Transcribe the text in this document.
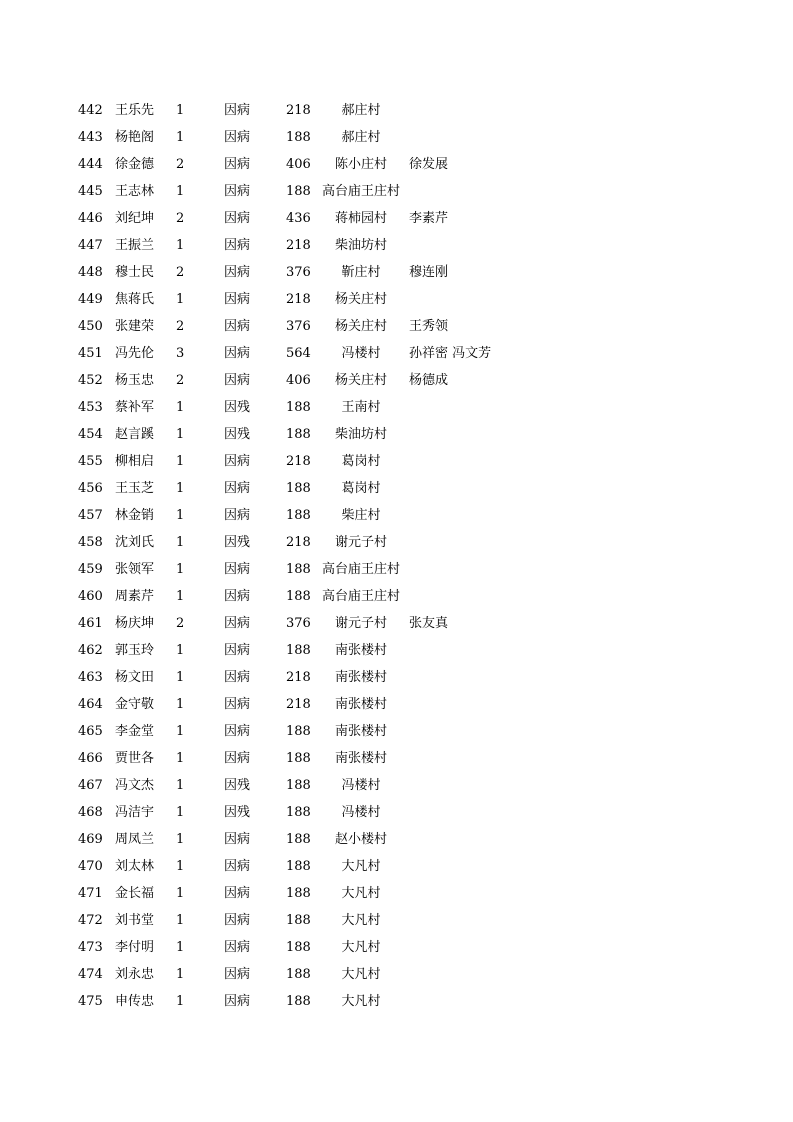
442 王乐先	1	因病	218	郝庄村
443 杨艳阁	1	因病	188	郝庄村
444 徐金德	2	因病	406	陈小庄村	徐发展
445 王志林	1	因病	188 高台庙王庄村
446 刘纪坤	2	因病	436	蒋柿园村	李素芹
447 王振兰	1	因病	218	柴油坊村
448 穆士民	2	因病	376	靳庄村	穆连刚
449 焦蒋氏	1	因病	218	杨关庄村
450 张建荣	2	因病	376	杨关庄村	王秀领
451 冯先伦	3	因病	564	冯楼村	孙祥密 冯文芳
452 杨玉忠	2	因病	406	杨关庄村	杨德成
453 蔡补军	1	因残	188	王南村
454 赵言蹊	1	因残	188	柴油坊村
455 柳相启	1	因病	218	葛岗村
456 王玉芝	1	因病	188	葛岗村
457 林金销	1	因病	188	柴庄村
458 沈刘氏	1	因残	218	谢元子村
459 张领军	1	因病	188 高台庙王庄村
460 周素芹	1	因病	188 高台庙王庄村
461 杨庆坤	2	因病	376	谢元子村	张友真
462 郭玉玲	1	因病	188	南张楼村
463 杨文田	1	因病	218	南张楼村
464 金守敬	1	因病	218	南张楼村
465 李金堂	1	因病	188	南张楼村
466 贾世各	1	因病	188	南张楼村
467 冯文杰	1	因残	188	冯楼村
468 冯洁宇	1	因残	188	冯楼村
469 周凤兰	1	因病	188	赵小楼村
470 刘太林	1	因病	188	大凡村
471 金长福	1	因病	188	大凡村
472 刘书堂	1	因病	188	大凡村
473 李付明	1	因病	188	大凡村
474 刘永忠	1	因病	188	大凡村
475 申传忠	1	因病	188	大凡村
